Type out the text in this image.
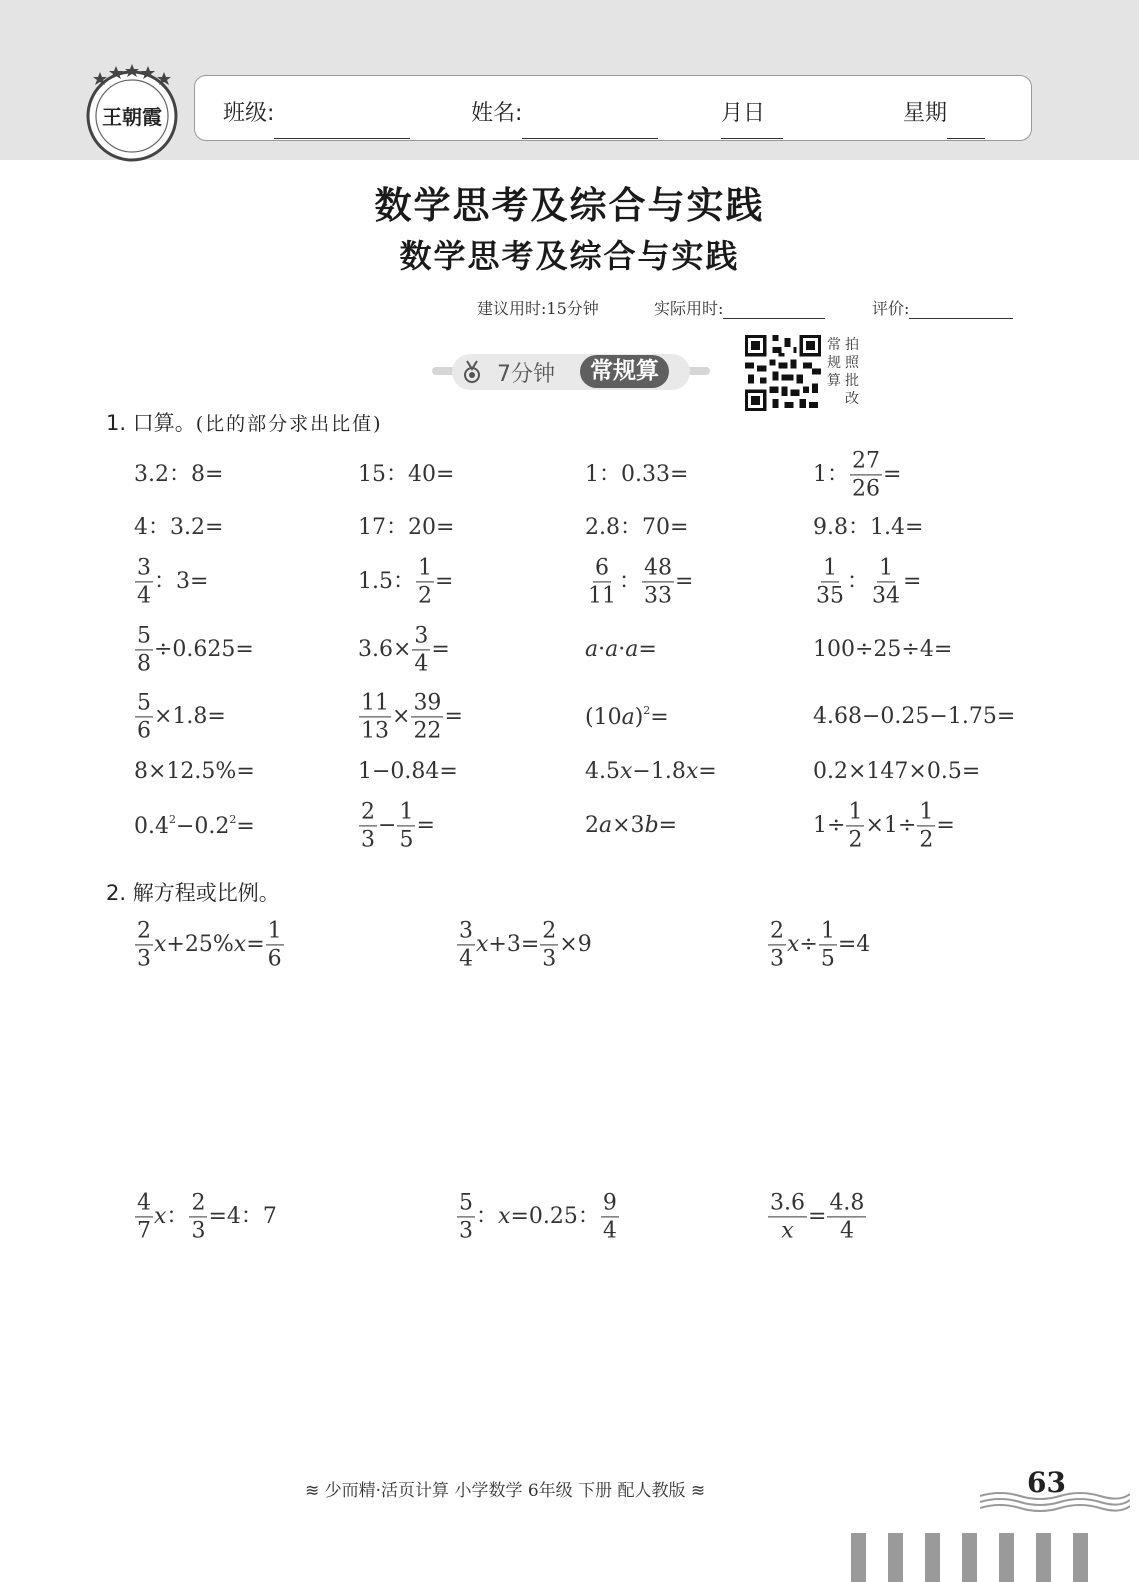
王朝霞	班级:	姓名:	月
日	星期
数学思考及综合与实践
数学思考及综合与实践
建议用时:15分钟	实际用时:	评价:
7分钟	常规算
常规算
拍照批改
1. 口算。(比的部分求出比值)
3.2：8=	15：40=	1：0.33=	1： $\frac{27}{26}$ =
4：3.2=	17：20=	2.8：70=	9.8：1.4=
$\frac{3}{4}$ ：3=	1.5： $\frac{1}{2}$ =	$\frac{6}{11}$ ： $\frac{48}{33}$ =	$\frac{1}{35}$ ： $\frac{1}{34}$ =
$\frac{5}{8} \div 0.625=$	$3.6\times \frac{3}{4}$ =	a·a·a=	100÷25÷4=
$\frac{5}{6} \times 1.8=$	$\frac{11}{13} \times \frac{39}{22}$ =	$(10a)^2=$	4.68−0.25−1.75=
8×12.5%=	1−0.84=	4.5x−1.8x=	0.2×147×0.5=
$0.4^2-0.2^2=$	$\frac{2}{3} - \frac{1}{5}$ =	2a×3b=	$1\div \frac{1}{2} \times 1\div \frac{1}{2}$ =
2. 解方程或比例。
$\frac{2}{3} x+25\%x= \frac{1}{6}$	$\frac{3}{4} x+3= \frac{2}{3} \times 9$	$\frac{2}{3} x\div \frac{1}{5} =4$
$\frac{4}{7}$ x： $\frac{2}{3} =4$：7	$\frac{5}{3}$ ：x=0.25： $\frac{9}{4}$	$\frac{3.6}{x} = \frac{4.8}{4}$
≋ 少而精·活页计算 小学数学 6年级 下册 配人教版 ≋	63
